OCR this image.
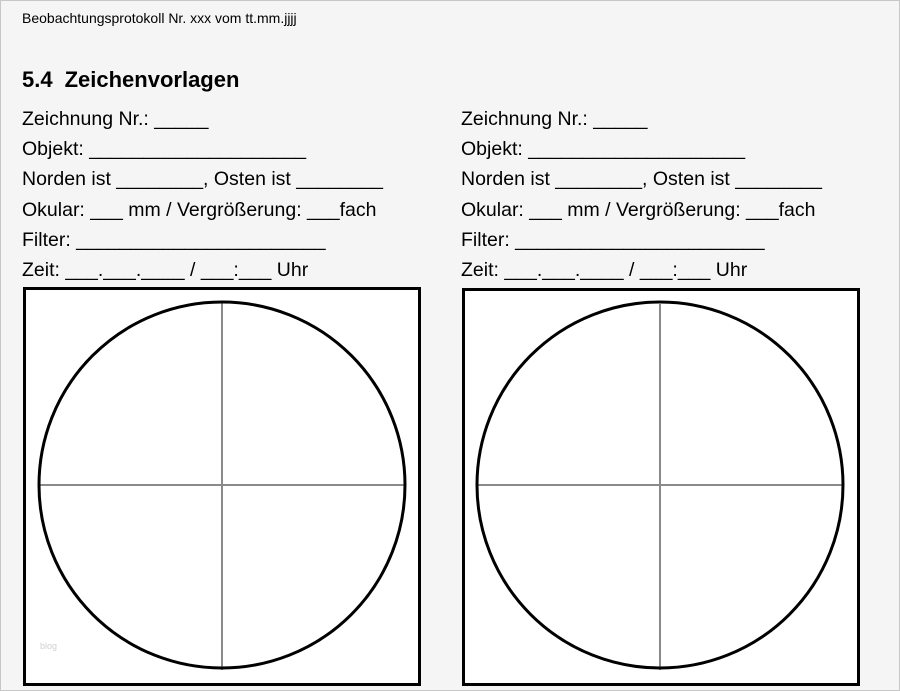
Beobachtungsprotokoll Nr. xxx vom tt.mm.jjjj
5.4 Zeichenvorlagen
Zeichnung Nr.: _____
Objekt: ____________________
Norden ist ________, Osten ist ________
Okular: ___ mm / Vergrößerung: ___fach
Filter: _______________________
Zeit: ___.___.____ / ___:___ Uhr
Zeichnung Nr.: _____
Objekt: ____________________
Norden ist ________, Osten ist ________
Okular: ___ mm / Vergrößerung: ___fach
Filter: _______________________
Zeit: ___.___.____ / ___:___ Uhr
blog
